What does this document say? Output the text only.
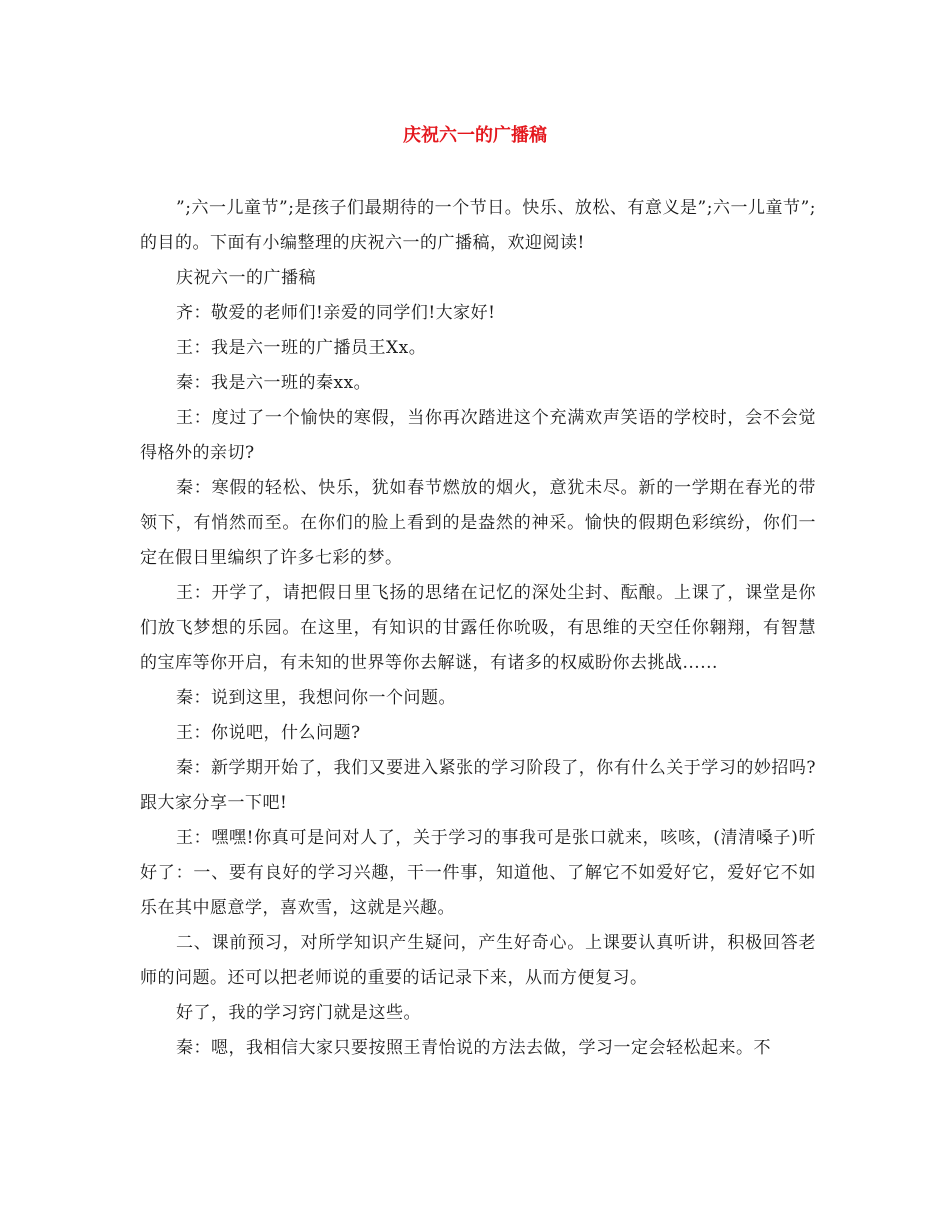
庆祝六一的广播稿

”;六一儿童节”;是孩子们最期待的一个节日。快乐、放松、有意义是”;六一儿童节”;的目的。下面有小编整理的庆祝六一的广播稿，欢迎阅读!

庆祝六一的广播稿

齐：敬爱的老师们!亲爱的同学们!大家好!

王：我是六一班的广播员王Xx。

秦：我是六一班的秦xx。

王：度过了一个愉快的寒假，当你再次踏进这个充满欢声笑语的学校时，会不会觉得格外的亲切?

秦：寒假的轻松、快乐，犹如春节燃放的烟火，意犹未尽。新的一学期在春光的带领下，有悄然而至。在你们的脸上看到的是盎然的神采。愉快的假期色彩缤纷，你们一定在假日里编织了许多七彩的梦。

王：开学了，请把假日里飞扬的思绪在记忆的深处尘封、酝酿。上课了，课堂是你们放飞梦想的乐园。在这里，有知识的甘露任你吮吸，有思维的天空任你翱翔，有智慧的宝库等你开启，有未知的世界等你去解谜，有诸多的权威盼你去挑战......

秦：说到这里，我想问你一个问题。

王：你说吧，什么问题?

秦：新学期开始了，我们又要进入紧张的学习阶段了，你有什么关于学习的妙招吗?跟大家分享一下吧!

王：嘿嘿!你真可是问对人了，关于学习的事我可是张口就来，咳咳，(清清嗓子)听好了：一、要有良好的学习兴趣，干一件事，知道他、了解它不如爱好它，爱好它不如乐在其中愿意学，喜欢雪，这就是兴趣。

二、课前预习，对所学知识产生疑问，产生好奇心。上课要认真听讲，积极回答老师的问题。还可以把老师说的重要的话记录下来，从而方便复习。

好了，我的学习窍门就是这些。

秦：嗯，我相信大家只要按照王青怡说的方法去做，学习一定会轻松起来。不
